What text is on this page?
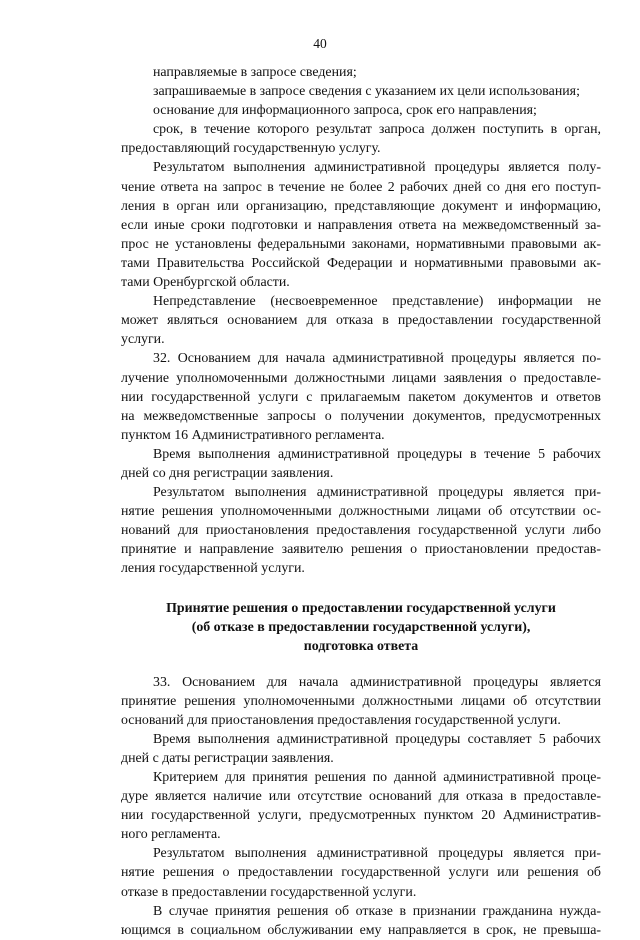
40
направляемые в запросе сведения;
запрашиваемые в запросе сведения с указанием их цели использования;
основание для информационного запроса, срок его направления;
срок, в течение которого результат запроса должен поступить в орган,
предоставляющий государственную услугу.
Результатом выполнения административной процедуры является полу-
чение ответа на запрос в течение не более 2 рабочих дней со дня его поступ-
ления в орган или организацию, представляющие документ и информацию,
если иные сроки подготовки и направления ответа на межведомственный за-
прос не установлены федеральными законами, нормативными правовыми ак-
тами Правительства Российской Федерации и нормативными правовыми ак-
тами Оренбургской области.
Непредставление (несвоевременное представление) информации не
может являться основанием для отказа в предоставлении государственной
услуги.
32. Основанием для начала административной процедуры является по-
лучение уполномоченными должностными лицами заявления о предоставле-
нии государственной услуги с прилагаемым пакетом документов и ответов
на межведомственные запросы о получении документов, предусмотренных
пунктом 16 Административного регламента.
Время выполнения административной процедуры в течение 5 рабочих
дней со дня регистрации заявления.
Результатом выполнения административной процедуры является при-
нятие решения уполномоченными должностными лицами об отсутствии ос-
нований для приостановления предоставления государственной услуги либо
принятие и направление заявителю решения о приостановлении предостав-
ления государственной услуги.
Принятие решения о предоставлении государственной услуги
(об отказе в предоставлении государственной услуги),
подготовка ответа
33. Основанием для начала административной процедуры является
принятие решения уполномоченными должностными лицами об отсутствии
оснований для приостановления предоставления государственной услуги.
Время выполнения административной процедуры составляет 5 рабочих
дней с даты регистрации заявления.
Критерием для принятия решения по данной административной проце-
дуре является наличие или отсутствие оснований для отказа в предоставле-
нии государственной услуги, предусмотренных пунктом 20 Административ-
ного регламента.
Результатом выполнения административной процедуры является при-
нятие решения о предоставлении государственной услуги или решения об
отказе в предоставлении государственной услуги.
В случае принятия решения об отказе в признании гражданина нужда-
ющимся в социальном обслуживании ему направляется в срок, не превыша-
